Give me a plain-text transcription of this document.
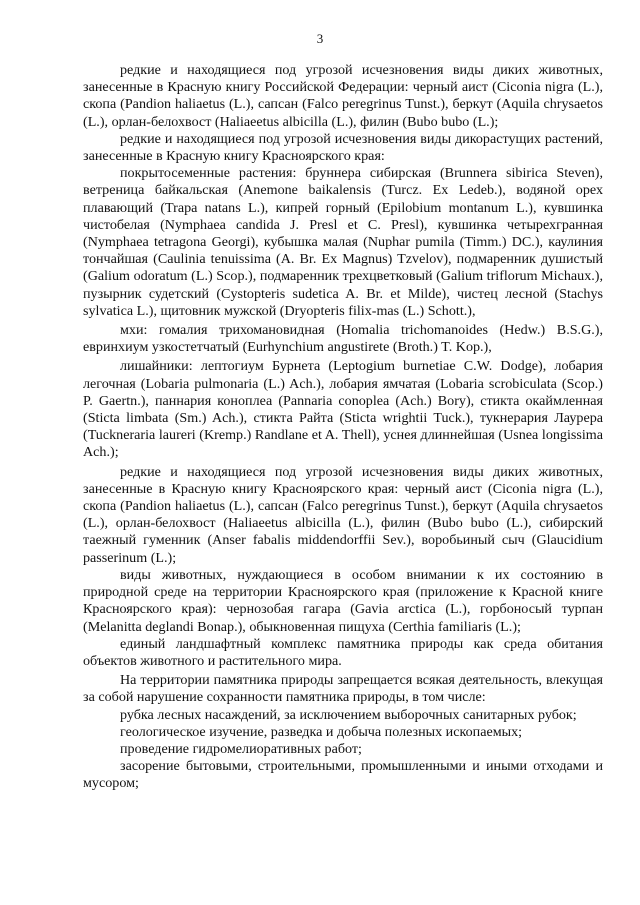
3

редкие и находящиеся под угрозой исчезновения виды диких животных, занесенные в Красную книгу Российской Федерации: черный аист (Ciconia nigra (L.), скопа (Pandion haliaetus (L.), сапсан (Falco peregrinus Tunst.), беркут (Aquila chrysaetos (L.), орлан-белохвост (Haliaeetus albicilla (L.), филин (Bubo bubo (L.);

редкие и находящиеся под угрозой исчезновения виды дикорастущих растений, занесенные в Красную книгу Красноярского края:

покрытосеменные растения: бруннера сибирская (Brunnera sibirica Steven), ветреница байкальская (Anemone baikalensis (Turcz. Ex Ledeb.), водяной орех плавающий (Trapa natans L.), кипрей горный (Epilobium montanum L.), кувшинка чистобелая (Nymphaea candida J. Presl et C. Presl), кувшинка четырехгранная (Nymphaea tetragona Georgi), кубышка малая (Nuphar pumila (Timm.) DC.), каулиния тончайшая (Caulinia tenuissima (A. Br. Ex Magnus) Tzvelov), подмаренник душистый (Galium odoratum (L.) Scop.), подмаренник трехцветковый (Galium triflorum Michaux.), пузырник судетский (Cystopteris sudetica A. Br. et Milde), чистец лесной (Stachys sylvatica L.), щитовник мужской (Dryopteris filix-mas (L.) Schott.),

мхи: гомалия трихомановидная (Homalia trichomanoides (Hedw.) B.S.G.), евринхиум узкостетчатый (Eurhynchium angustirete (Broth.) T. Kop.),

лишайники: лептогиум Бурнета (Leptogium burnetiae C.W. Dodge), лобария легочная (Lobaria pulmonaria (L.) Ach.), лобария ямчатая (Lobaria scrobiculata (Scop.) P. Gaertn.), паннария коноплеа (Pannaria conoplea (Ach.) Bory), стикта окаймленная (Sticta limbata (Sm.) Ach.), стикта Райта (Sticta wrightii Tuck.), тукнерария Лаурера (Tuckneraria laureri (Kremp.) Randlane et A. Thell), уснея длиннейшая (Usnea longissima Ach.);

редкие и находящиеся под угрозой исчезновения виды диких животных, занесенные в Красную книгу Красноярского края: черный аист (Ciconia nigra (L.), скопа (Pandion haliaetus (L.), сапсан (Falco peregrinus Tunst.), беркут (Aquila chrysaetos (L.), орлан-белохвост (Haliaeetus albicilla (L.), филин (Bubo bubo (L.), сибирский таежный гуменник (Anser fabalis middendorffii Sev.), воробьиный сыч (Glaucidium passerinum (L.);

виды животных, нуждающиеся в особом внимании к их состоянию в природной среде на территории Красноярского края (приложение к Красной книге Красноярского края): чернозобая гагара (Gavia arctica (L.), горбоносый турпан (Melanitta deglandi Bonap.), обыкновенная пищуха (Certhia familiaris (L.);

единый ландшафтный комплекс памятника природы как среда обитания объектов животного и растительного мира.

На территории памятника природы запрещается всякая деятельность, влекущая за собой нарушение сохранности памятника природы, в том числе:

рубка лесных насаждений, за исключением выборочных санитарных рубок;

геологическое изучение, разведка и добыча полезных ископаемых;

проведение гидромелиоративных работ;

засорение бытовыми, строительными, промышленными и иными отходами и мусором;
